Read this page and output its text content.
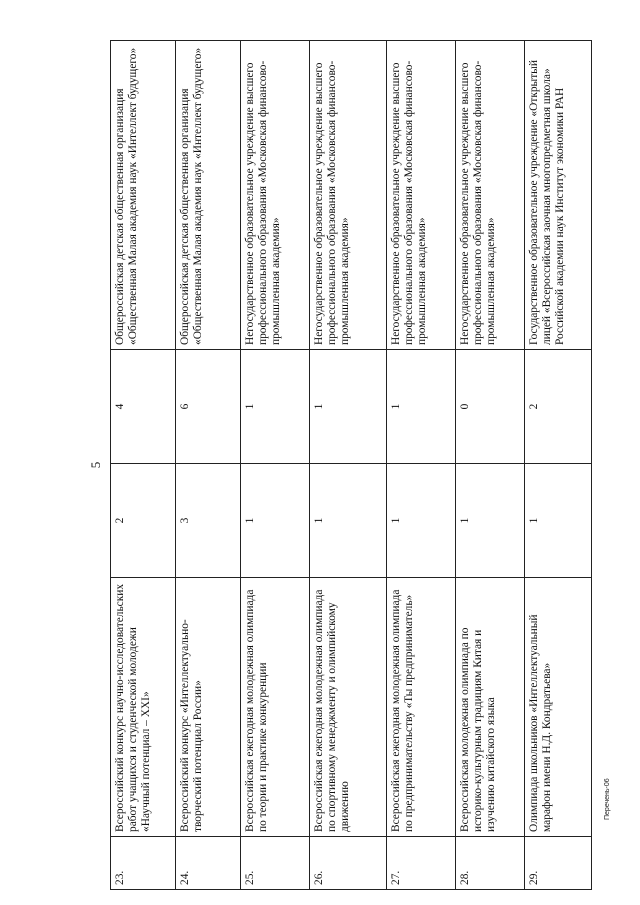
5
23.	Всероссийский конкурс научно-исследовательских работ учащихся и студенческой молодежи «Научный потенциал – XXI»	2	4	Общероссийская детская общественная организация «Общественная Малая академия наук «Интеллект будущего»
24.	Всероссийский конкурс «Интеллектуально-творческий потенциал России»	3	6	Общероссийская детская общественная организация «Общественная Малая академия наук «Интеллект будущего»
25.	Всероссийская ежегодная молодежная олимпиада по теории и практике конкуренции	1	1	Негосударственное образовательное учреждение высшего профессионального образования «Московская финансово-промышленная академия»
26.	Всероссийская ежегодная молодежная олимпиада по спортивному менеджменту и олимпийскому движению	1	1	Негосударственное образовательное учреждение высшего профессионального образования «Московская финансово-промышленная академия»
27.	Всероссийская ежегодная молодежная олимпиада по предпринимательству «Ты предприниматель»	1	1	Негосударственное образовательное учреждение высшего профессионального образования «Московская финансово-промышленная академия»
28.	Всероссийская молодежная олимпиада по историко-культурным традициям Китая и изучению китайского языка	1	0	Негосударственное образовательное учреждение высшего профессионального образования «Московская финансово-промышленная академия»
29.	Олимпиада школьников «Интеллектуальный марафон имени Н.Д. Кондратьева»	1	2	Государственное образовательное учреждение «Открытый лицей «Всероссийская заочная многопредметная школа» Российской академии наук Институт экономики РАН
Перечень-06
